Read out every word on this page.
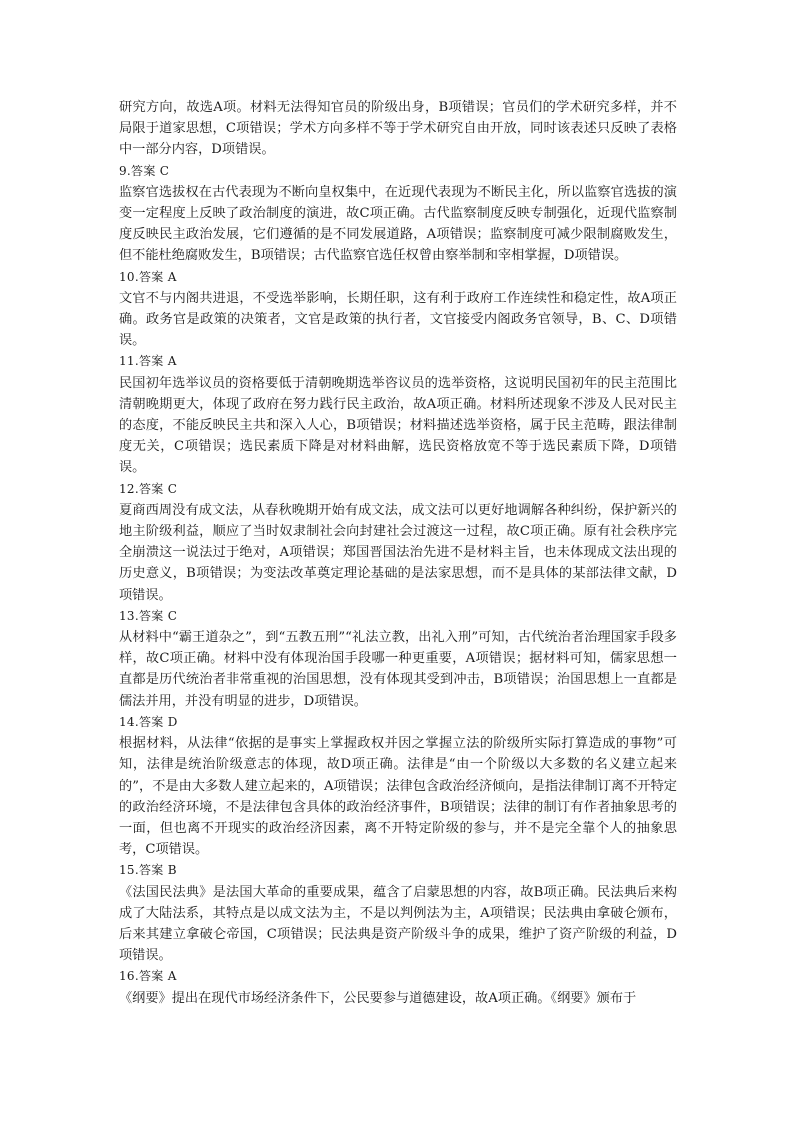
研究方向，故选A项。材料无法得知官员的阶级出身，B项错误；官员们的学术研究多样，并不局限于道家思想，C项错误；学术方向多样不等于学术研究自由开放，同时该表述只反映了表格中一部分内容，D项错误。

9.答案 C

监察官选拔权在古代表现为不断向皇权集中，在近现代表现为不断民主化，所以监察官选拔的演变一定程度上反映了政治制度的演进，故C项正确。古代监察制度反映专制强化，近现代监察制度反映民主政治发展，它们遵循的是不同发展道路，A项错误；监察制度可减少限制腐败发生，但不能杜绝腐败发生，B项错误；古代监察官选任权曾由察举制和宰相掌握，D项错误。

10.答案 A

文官不与内阁共进退，不受选举影响，长期任职，这有利于政府工作连续性和稳定性，故A项正确。政务官是政策的决策者，文官是政策的执行者，文官接受内阁政务官领导，B、C、D项错误。

11.答案 A

民国初年选举议员的资格要低于清朝晚期选举咨议员的选举资格，这说明民国初年的民主范围比清朝晚期更大，体现了政府在努力践行民主政治，故A项正确。材料所述现象不涉及人民对民主的态度，不能反映民主共和深入人心，B项错误；材料描述选举资格，属于民主范畴，跟法律制度无关，C项错误；选民素质下降是对材料曲解，选民资格放宽不等于选民素质下降，D项错误。

12.答案 C

夏商西周没有成文法，从春秋晚期开始有成文法，成文法可以更好地调解各种纠纷，保护新兴的地主阶级利益，顺应了当时奴隶制社会向封建社会过渡这一过程，故C项正确。原有社会秩序完全崩溃这一说法过于绝对，A项错误；郑国晋国法治先进不是材料主旨，也未体现成文法出现的历史意义，B项错误；为变法改革奠定理论基础的是法家思想，而不是具体的某部法律文献，D项错误。

13.答案 C

从材料中“霸王道杂之”，到“五教五刑”“礼法立教，出礼入刑”可知，古代统治者治理国家手段多样，故C项正确。材料中没有体现治国手段哪一种更重要，A项错误；据材料可知，儒家思想一直都是历代统治者非常重视的治国思想，没有体现其受到冲击，B项错误；治国思想上一直都是儒法并用，并没有明显的进步，D项错误。

14.答案 D

根据材料，从法律“依据的是事实上掌握政权并因之掌握立法的阶级所实际打算造成的事物”可知，法律是统治阶级意志的体现，故D项正确。法律是“由一个阶级以大多数的名义建立起来的”，不是由大多数人建立起来的，A项错误；法律包含政治经济倾向，是指法律制订离不开特定的政治经济环境，不是法律包含具体的政治经济事件，B项错误；法律的制订有作者抽象思考的一面，但也离不开现实的政治经济因素，离不开特定阶级的参与，并不是完全靠个人的抽象思考，C项错误。

15.答案 B

《法国民法典》是法国大革命的重要成果，蕴含了启蒙思想的内容，故B项正确。民法典后来构成了大陆法系，其特点是以成文法为主，不是以判例法为主，A项错误；民法典由拿破仑颁布，后来其建立拿破仑帝国，C项错误；民法典是资产阶级斗争的成果，维护了资产阶级的利益，D项错误。

16.答案 A

《纲要》提出在现代市场经济条件下，公民要参与道德建设，故A项正确。《纲要》颁布于
